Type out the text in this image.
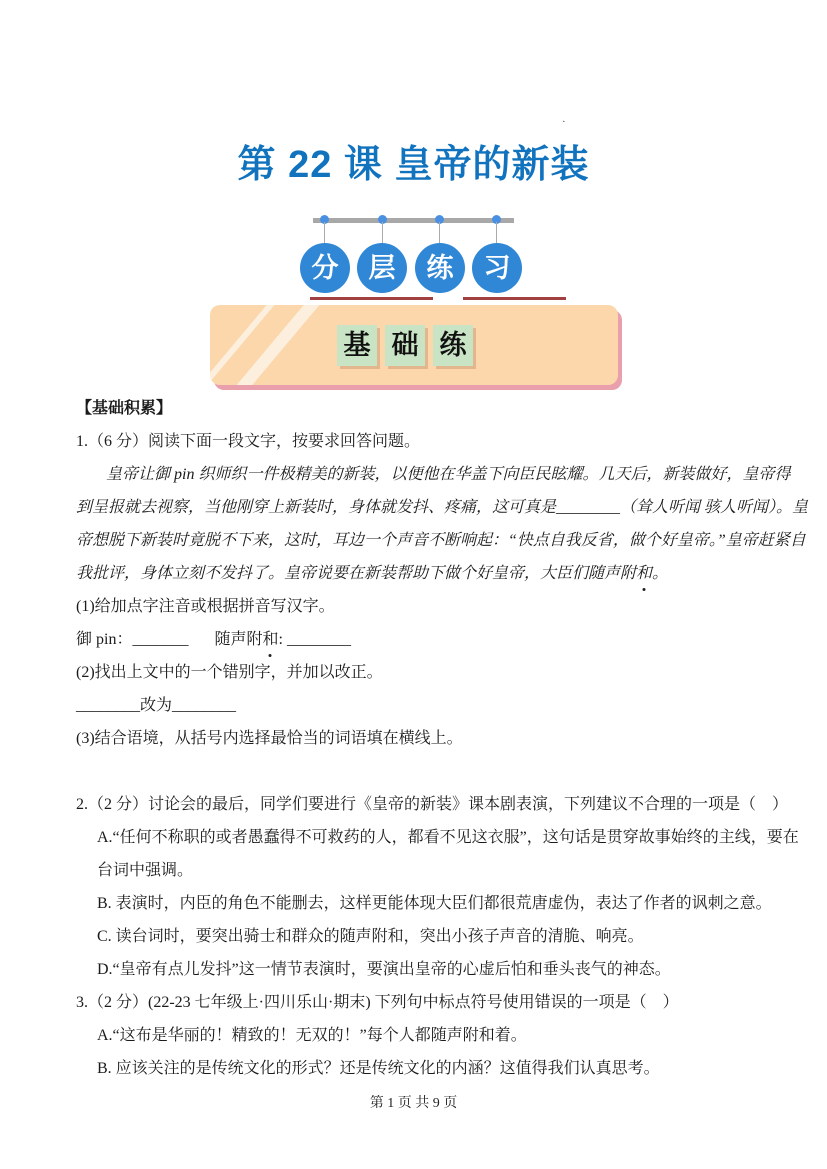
·
第 22 课 皇帝的新装
分	层	练	习
基 础 练
【基础积累】
1.（6 分）阅读下面一段文字，按要求回答问题。
皇帝让御 pin 织师织一件极精美的新装，以便他在华盖下向臣民眩耀。几天后，新装做好，皇帝得
到呈报就去视察，当他刚穿上新装时，身体就发抖、疼痛，这可真是________（耸人听闻 骇人听闻）。皇
帝想脱下新装时竟脱不下来，这时，耳边一个声音不断响起：“快点自我反省，做个好皇帝。”皇帝赶紧自
我批评，身体立刻不发抖了。皇帝说要在新装帮助下做个好皇帝，大臣们随声附和。
(1)给加点字注音或根据拼音写汉字。
御 pin：_______ 随声附和: ________
(2)找出上文中的一个错别字，并加以改正。
________改为________
(3)结合语境，从括号内选择最恰当的词语填在横线上。
2.（2 分）讨论会的最后，同学们要进行《皇帝的新装》课本剧表演，下列建议不合理的一项是（　）
A.“任何不称职的或者愚蠢得不可救药的人，都看不见这衣服”，这句话是贯穿故事始终的主线，要在
台词中强调。
B. 表演时，内臣的角色不能删去，这样更能体现大臣们都很荒唐虚伪，表达了作者的讽刺之意。
C. 读台词时，要突出骑士和群众的随声附和，突出小孩子声音的清脆、响亮。
D.“皇帝有点儿发抖”这一情节表演时，要演出皇帝的心虚后怕和垂头丧气的神态。
3.（2 分）(22-23 七年级上·四川乐山·期末) 下列句中标点符号使用错误的一项是（　）
A.“这布是华丽的！精致的！无双的！”每个人都随声附和着。
B. 应该关注的是传统文化的形式？还是传统文化的内涵？这值得我们认真思考。
第 1 页 共 9 页
